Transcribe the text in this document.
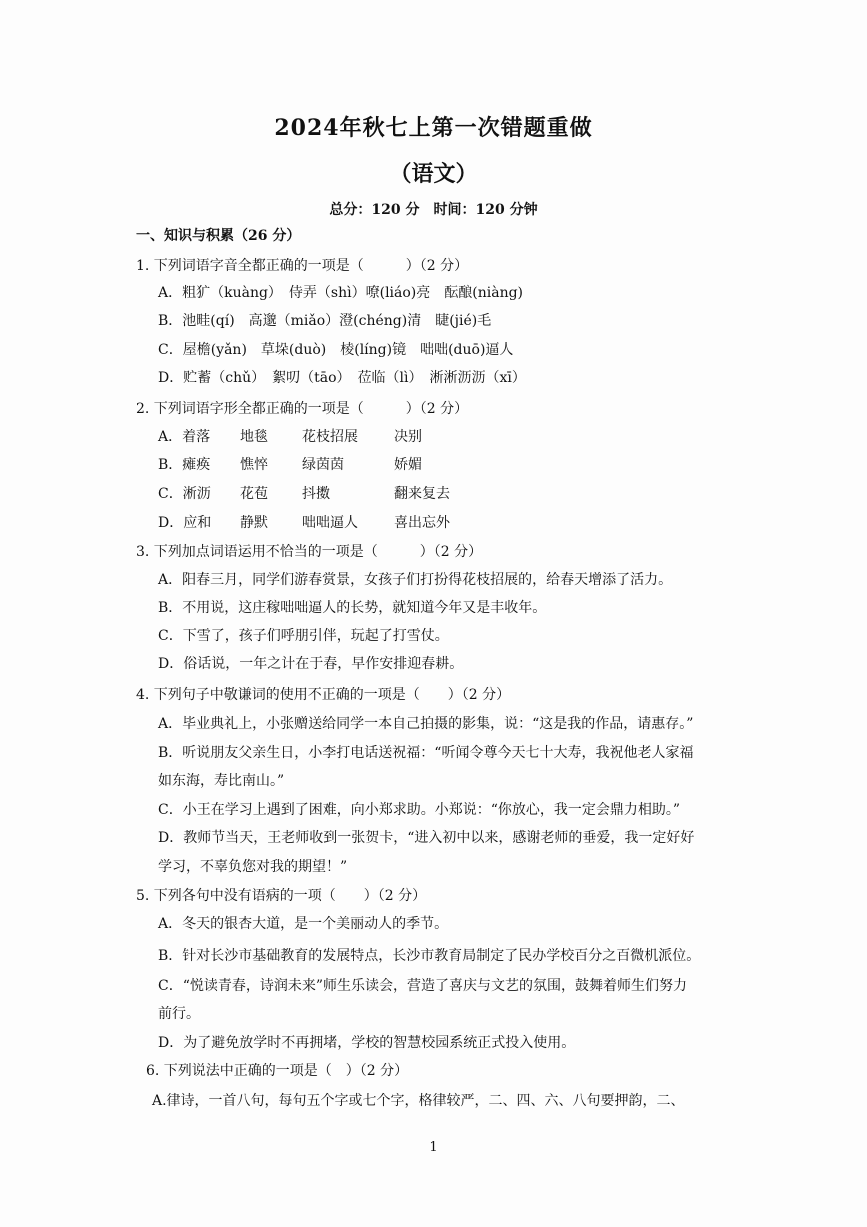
2024年秋七上第一次错题重做
（语文）
总分：120 分　时间：120 分钟
一、知识与积累（26 分）
1. 下列词语字音全都正确的一项是（　　　）（2 分）
A．粗犷（kuàng）　侍弄（shì）嘹(liáo)亮　酝酿(niàng)
B．池畦(qí)　高邈（miǎo）澄(chéng)清　睫(jié)毛
C．屋檐(yǎn)　草垛(duò)　棱(líng)镜　咄咄(duō)逼人
D．贮蓄（chǔ）　絮叨（tāo）　莅临（lì）　淅淅沥沥（xī）
2. 下列词语字形全都正确的一项是（　　　）（2 分）
A．着落 地毯 花枝招展	决别
B．瘫痪 憔悴 绿茵茵	娇媚
C．淅沥 花苞 抖擞	翻来复去
D．应和 静默 咄咄逼人	喜出忘外
3. 下列加点词语运用不恰当的一项是（　　　）（2 分）
A．阳春三月，同学们游春赏景，女孩子们打扮得花枝招展的，给春天增添了活力。
B．不用说，这庄稼咄咄逼人的长势，就知道今年又是丰收年。
C．下雪了，孩子们呼朋引伴，玩起了打雪仗。
D．俗话说，一年之计在于春，早作安排迎春耕。
4. 下列句子中敬谦词的使用不正确的一项是（　　）（2 分）
A．毕业典礼上，小张赠送给同学一本自己拍摄的影集，说：“这是我的作品，请惠存。”
B．听说朋友父亲生日，小李打电话送祝福：“听闻令尊今天七十大寿，我祝他老人家福
如东海，寿比南山。”
C．小王在学习上遇到了困难，向小郑求助。小郑说：“你放心，我一定会鼎力相助。”
D．教师节当天，王老师收到一张贺卡，“进入初中以来，感谢老师的垂爱，我一定好好
学习，不辜负您对我的期望！”
5. 下列各句中没有语病的一项（　　）（2 分）
A．冬天的银杏大道，是一个美丽动人的季节。
B．针对长沙市基础教育的发展特点，长沙市教育局制定了民办学校百分之百微机派位。
C．“悦读青春，诗润未来”师生乐读会，营造了喜庆与文艺的氛围，鼓舞着师生们努力
前行。
D．为了避免放学时不再拥堵，学校的智慧校园系统正式投入使用。
6. 下列说法中正确的一项是（　）（2 分）
A.律诗，一首八句，每句五个字或七个字，格律较严，二、四、六、八句要押韵，二、
1
